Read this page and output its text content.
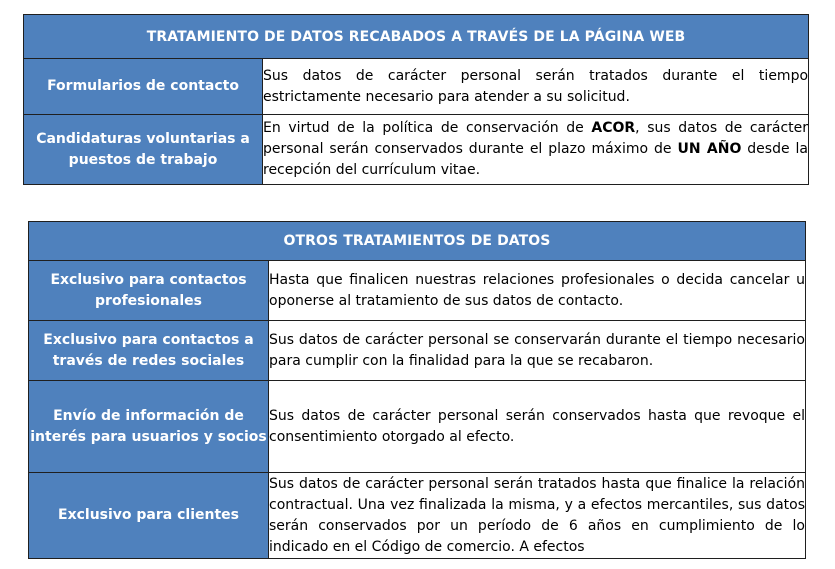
TRATAMIENTO DE DATOS RECABADOS A TRAVÉS DE LA PÁGINA WEB	
Formularios de contacto	Sus datos de carácter personal serán tratados durante el tiempo estrictamente necesario para atender a su solicitud.
Candidaturas voluntarias a puestos de trabajo	En virtud de la política de conservación de ACOR, sus datos de carácter personal serán conservados durante el plazo máximo de UN AÑO desde la recepción del currículum vitae.
OTROS TRATAMIENTOS DE DATOS	
Exclusivo para contactos profesionales	Hasta que finalicen nuestras relaciones profesionales o decida cancelar u oponerse al tratamiento de sus datos de contacto.
Exclusivo para contactos a través de redes sociales	Sus datos de carácter personal se conservarán durante el tiempo necesario para cumplir con la finalidad para la que se recabaron.
Envío de información de interés para usuarios y socios	Sus datos de carácter personal serán conservados hasta que revoque el consentimiento otorgado al efecto.
Exclusivo para clientes	Sus datos de carácter personal serán tratados hasta que finalice la relación contractual. Una vez finalizada la misma, y a efectos mercantiles, sus datos serán conservados por un período de 6 años en cumplimiento de lo indicado en el Código de comercio. A efectos
